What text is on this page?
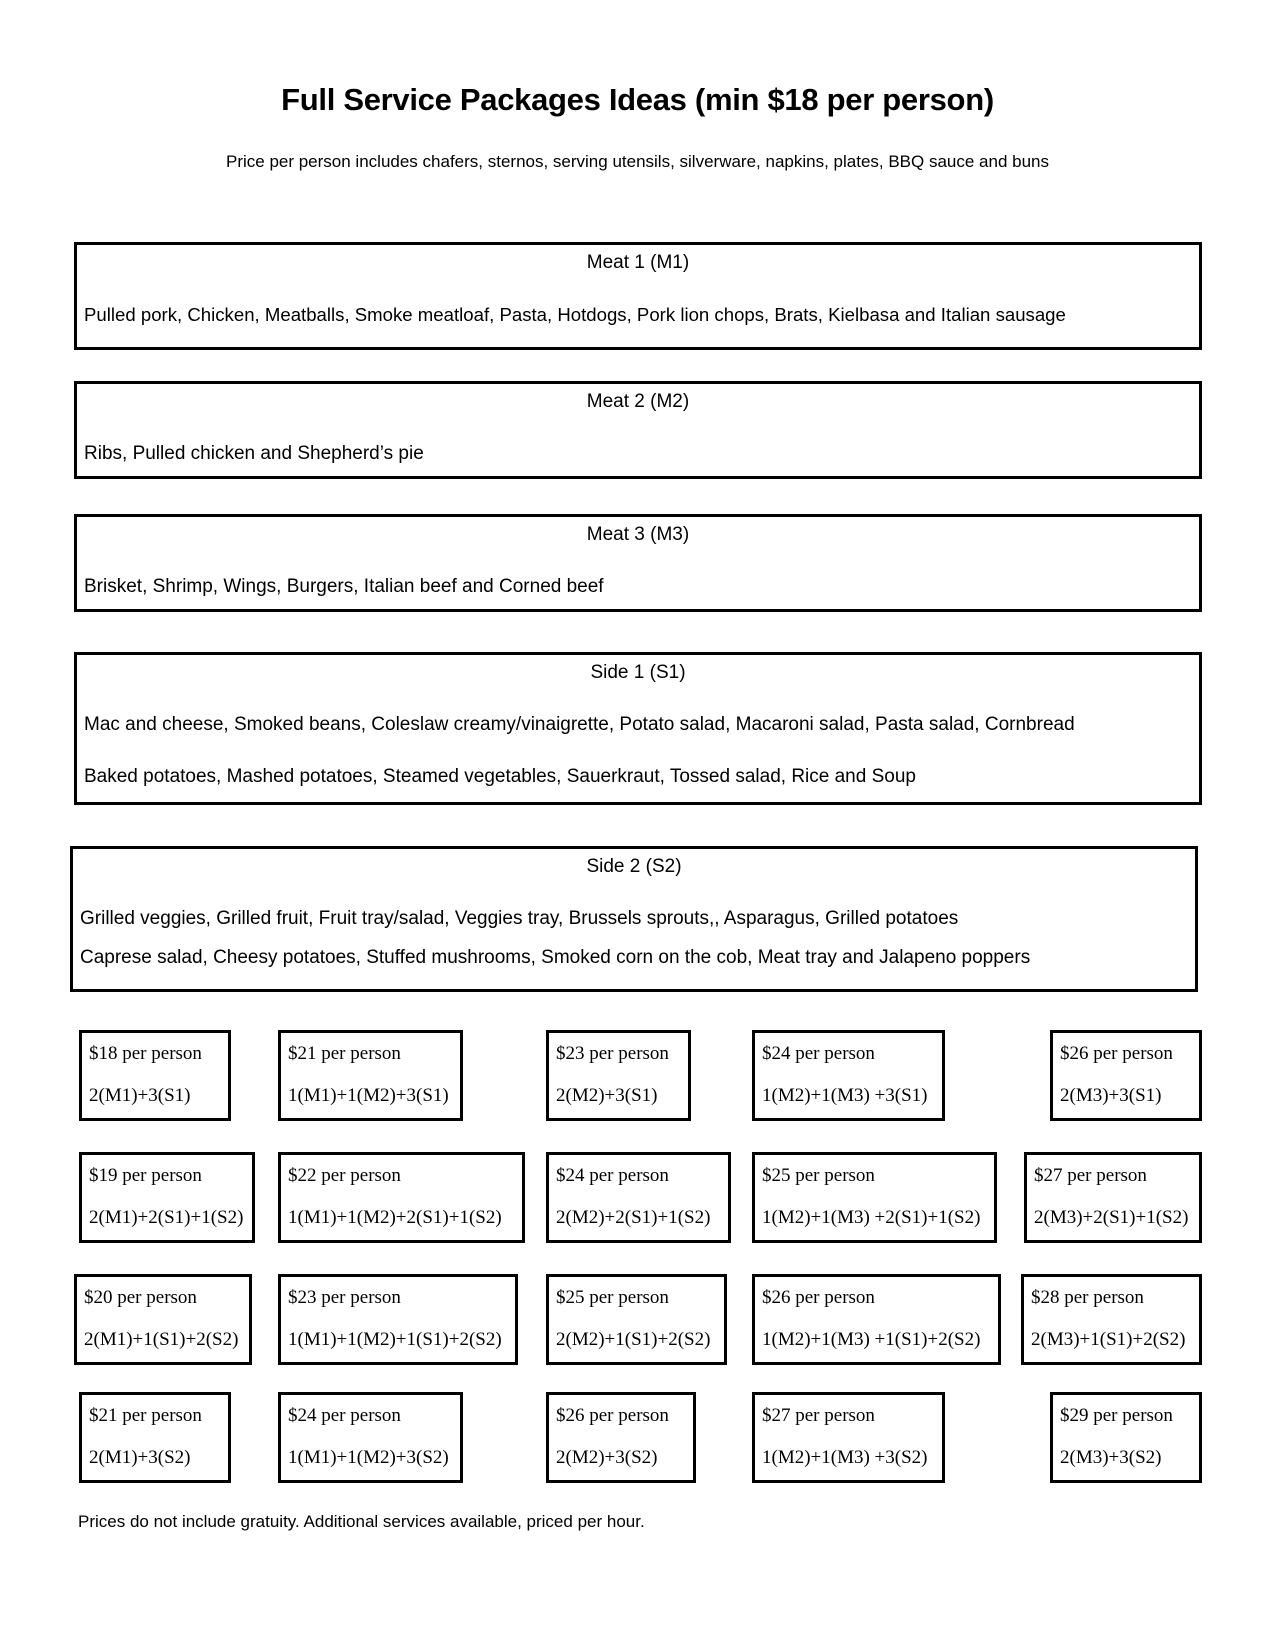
Full Service Packages Ideas (min $18 per person)
Price per person includes chafers, sternos, serving utensils, silverware, napkins, plates, BBQ sauce and buns
Meat 1 (M1)
Pulled pork, Chicken, Meatballs, Smoke meatloaf, Pasta, Hotdogs, Pork lion chops, Brats, Kielbasa and Italian sausage
Meat 2 (M2)
Ribs, Pulled chicken and Shepherd’s pie
Meat 3 (M3)
Brisket, Shrimp, Wings, Burgers, Italian beef and Corned beef
Side 1 (S1)
Mac and cheese, Smoked beans, Coleslaw creamy/vinaigrette, Potato salad, Macaroni salad, Pasta salad, Cornbread
Baked potatoes, Mashed potatoes, Steamed vegetables, Sauerkraut, Tossed salad, Rice and Soup
Side 2 (S2)
Grilled veggies, Grilled fruit, Fruit tray/salad, Veggies tray, Brussels sprouts,, Asparagus, Grilled potatoes
Caprese salad, Cheesy potatoes, Stuffed mushrooms, Smoked corn on the cob, Meat tray and Jalapeno poppers
$18 per person
2(M1)+3(S1)
$21 per person
1(M1)+1(M2)+3(S1)
$23 per person
2(M2)+3(S1)
$24 per person
1(M2)+1(M3) +3(S1)
$26 per person
2(M3)+3(S1)
$19 per person
2(M1)+2(S1)+1(S2)
$22 per person
1(M1)+1(M2)+2(S1)+1(S2)
$24 per person
2(M2)+2(S1)+1(S2)
$25 per person
1(M2)+1(M3) +2(S1)+1(S2)
$27 per person
2(M3)+2(S1)+1(S2)
$20 per person
2(M1)+1(S1)+2(S2)
$23 per person
1(M1)+1(M2)+1(S1)+2(S2)
$25 per person
2(M2)+1(S1)+2(S2)
$26 per person
1(M2)+1(M3) +1(S1)+2(S2)
$28 per person
2(M3)+1(S1)+2(S2)
$21 per person
2(M1)+3(S2)
$24 per person
1(M1)+1(M2)+3(S2)
$26 per person
2(M2)+3(S2)
$27 per person
1(M2)+1(M3) +3(S2)
$29 per person
2(M3)+3(S2)
Prices do not include gratuity. Additional services available, priced per hour.
